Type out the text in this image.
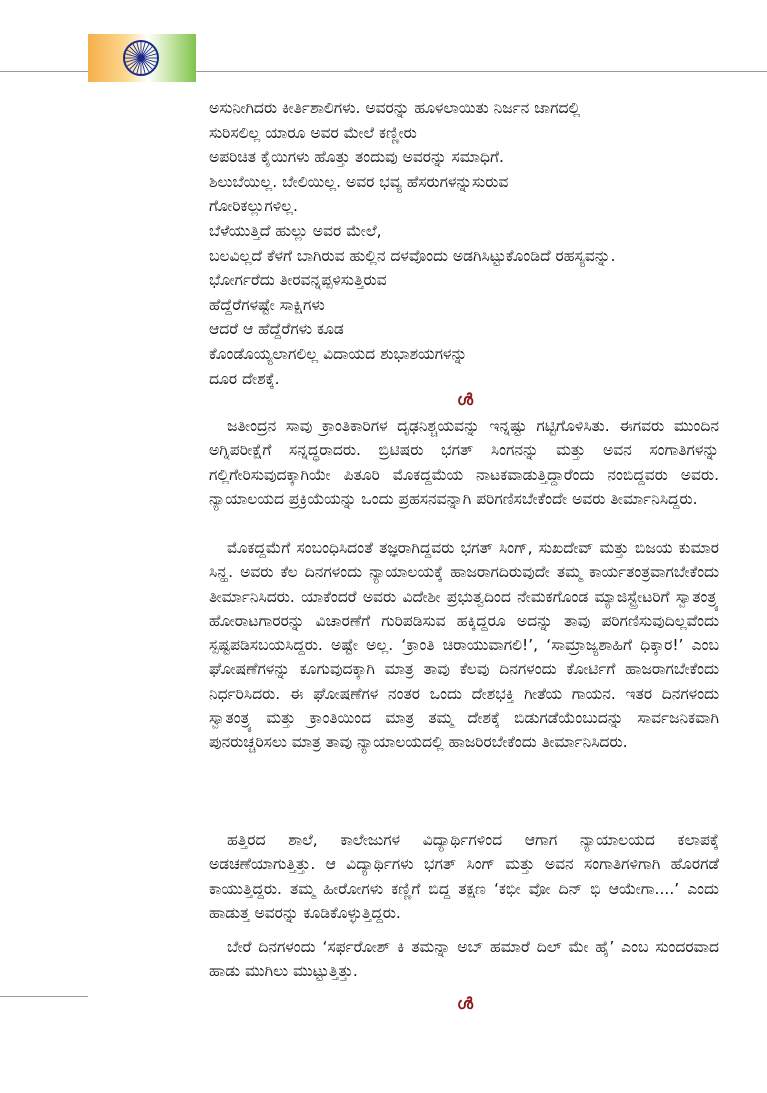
ಅಸುನೀಗಿದರು ಕೀರ್ತಿಶಾಲಿಗಳು. ಅವರನ್ನು ಹೂಳಲಾಯಿತು ನಿರ್ಜನ ಜಾಗದಲ್ಲಿ
ಸುರಿಸಲಿಲ್ಲ ಯಾರೂ ಅವರ ಮೇಲೆ ಕಣ್ಣೀರು
ಅಪರಿಚಿತ ಕೈಯಿಗಳು ಹೊತ್ತು ತಂದುವು ಅವರನ್ನು ಸಮಾಧಿಗೆ.
ಶಿಲುಬೆಯಿಲ್ಲ. ಬೇಲಿಯಿಲ್ಲ. ಅವರ ಭವ್ಯ ಹೆಸರುಗಳನ್ನುಸುರುವ
ಗೋರಿಕಲ್ಲುಗಳಿಲ್ಲ.
ಬೆಳೆಯುತ್ತಿದೆ ಹುಲ್ಲು ಅವರ ಮೇಲೆ,
ಬಲವಿಲ್ಲದೆ ಕೆಳಗೆ ಬಾಗಿರುವ ಹುಲ್ಲಿನ ದಳವೊಂದು ಅಡಗಿಸಿಟ್ಟುಕೊಂಡಿದೆ ರಹಸ್ಯವನ್ನು.
ಭೋರ್ಗರೆದು ತೀರವನ್ನಪ್ಪಳಿಸುತ್ತಿರುವ
ಹೆದ್ದೆರೆಗಳಷ್ಟೇ ಸಾಕ್ಷಿಗಳು
ಆದರೆ ಆ ಹೆದ್ದೆರೆಗಳು ಕೂಡ
ಕೊಂಡೊಯ್ಯಲಾಗಲಿಲ್ಲ ವಿದಾಯದ ಶುಭಾಶಯಗಳನ್ನು
ದೂರ ದೇಶಕ್ಕೆ.
ൾ

ಜತೀಂದ್ರನ ಸಾವು ಕ್ರಾಂತಿಕಾರಿಗಳ ದೃಢನಿಶ್ಚಯವನ್ನು ಇನ್ನಷ್ಟು ಗಟ್ಟಿಗೊಳಿಸಿತು. ಈಗವರು ಮುಂದಿನ ಅಗ್ನಿಪರೀಕ್ಷೆಗೆ ಸನ್ನದ್ಧರಾದರು. ಬ್ರಿಟಿಷರು ಭಗತ್ ಸಿಂಗನನ್ನು ಮತ್ತು ಅವನ ಸಂಗಾತಿಗಳನ್ನು ಗಲ್ಲಿಗೇರಿಸುವುದಕ್ಕಾಗಿಯೇ ಪಿತೂರಿ ಮೊಕದ್ದಮೆಯ ನಾಟಕವಾಡುತ್ತಿದ್ದಾರೆಂದು ನಂಬಿದ್ದವರು ಅವರು. ನ್ಯಾಯಾಲಯದ ಪ್ರಕ್ರಿಯೆಯನ್ನು ಒಂದು ಪ್ರಹಸನವನ್ನಾಗಿ ಪರಿಗಣಿಸಬೇಕೆಂದೇ ಅವರು ತೀರ್ಮಾನಿಸಿದ್ದರು.

ಮೊಕದ್ದಮೆಗೆ ಸಂಬಂಧಿಸಿದಂತೆ ತಜ್ಞರಾಗಿದ್ದವರು ಭಗತ್ ಸಿಂಗ್, ಸುಖದೇವ್ ಮತ್ತು ಬಿಜಯ ಕುಮಾರ ಸಿನ್ಹ. ಅವರು ಕೆಲ ದಿನಗಳಂದು ನ್ಯಾಯಾಲಯಕ್ಕೆ ಹಾಜರಾಗದಿರುವುದೇ ತಮ್ಮ ಕಾರ್ಯತಂತ್ರವಾಗಬೇಕೆಂದು ತೀರ್ಮಾನಿಸಿದರು. ಯಾಕೆಂದರೆ ಅವರು ವಿದೇಶೀ ಪ್ರಭುತ್ವದಿಂದ ನೇಮಕಗೊಂಡ ಮ್ಯಾಜಿಸ್ಟ್ರೇಟರಿಗೆ ಸ್ವಾತಂತ್ರ್ಯ ಹೋರಾಟಗಾರರನ್ನು ವಿಚಾರಣೆಗೆ ಗುರಿಪಡಿಸುವ ಹಕ್ಕಿದ್ದರೂ ಅದನ್ನು ತಾವು ಪರಿಗಣಿಸುವುದಿಲ್ಲವೆಂದು ಸ್ಪಷ್ಟಪಡಿಸಬಯಸಿದ್ದರು. ಅಷ್ಟೇ ಅಲ್ಲ. ‘ಕ್ರಾಂತಿ ಚಿರಾಯುವಾಗಲಿ!’, ‘ಸಾಮ್ರಾಜ್ಯಶಾಹಿಗೆ ಧಿಕ್ಕಾರ!’ ಎಂಬ ಘೋಷಣೆಗಳನ್ನು ಕೂಗುವುದಕ್ಕಾಗಿ ಮಾತ್ರ ತಾವು ಕೆಲವು ದಿನಗಳಂದು ಕೋರ್ಟಿಗೆ ಹಾಜರಾಗಬೇಕೆಂದು ನಿರ್ಧರಿಸಿದರು. ಈ ಘೋಷಣೆಗಳ ನಂತರ ಒಂದು ದೇಶಭಕ್ತಿ ಗೀತೆಯ ಗಾಯನ. ಇತರ ದಿನಗಳಂದು ಸ್ವಾತಂತ್ರ್ಯ ಮತ್ತು ಕ್ರಾಂತಿಯಿಂದ ಮಾತ್ರ ತಮ್ಮ ದೇಶಕ್ಕೆ ಬಿಡುಗಡೆಯೆಂಬುದನ್ನು ಸಾರ್ವಜನಿಕವಾಗಿ ಪುನರುಚ್ಚರಿಸಲು ಮಾತ್ರ ತಾವು ನ್ಯಾಯಾಲಯದಲ್ಲಿ ಹಾಜರಿರಬೇಕೆಂದು ತೀರ್ಮಾನಿಸಿದರು.

ಹತ್ತಿರದ ಶಾಲೆ, ಕಾಲೇಜುಗಳ ವಿದ್ಯಾರ್ಥಿಗಳಿಂದ ಆಗಾಗ ನ್ಯಾಯಾಲಯದ ಕಲಾಪಕ್ಕೆ ಅಡಚಣೆಯಾಗುತ್ತಿತ್ತು. ಆ ವಿದ್ಯಾರ್ಥಿಗಳು ಭಗತ್ ಸಿಂಗ್ ಮತ್ತು ಅವನ ಸಂಗಾತಿಗಳಿಗಾಗಿ ಹೊರಗಡೆ ಕಾಯುತ್ತಿದ್ದರು. ತಮ್ಮ ಹೀರೋಗಳು ಕಣ್ಣಿಗೆ ಬಿದ್ದ ತಕ್ಷಣ ‘ಕಭೀ ವೋ ದಿನ್ ಭಿ ಆಯೇಗಾ....’ ಎಂದು ಹಾಡುತ್ತ ಅವರನ್ನು ಕೂಡಿಕೊಳ್ಳುತ್ತಿದ್ದರು.

ಬೇರೆ ದಿನಗಳಂದು ‘ಸರ್ಫರೋಶ್ ಕಿ ತಮನ್ನಾ ಅಬ್ ಹಮಾರೆ ದಿಲ್ ಮೇ ಹೈ’ ಎಂಬ ಸುಂದರವಾದ ಹಾಡು ಮುಗಿಲು ಮುಟ್ಟುತ್ತಿತ್ತು.

ൾ
